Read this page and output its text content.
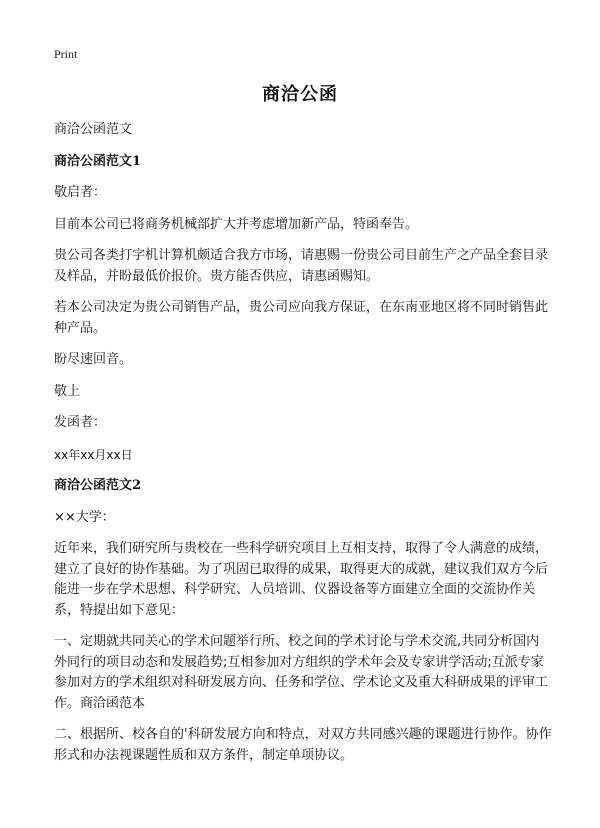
Print
商洽公函

商洽公函范文

商洽公函范文1

敬启者：

目前本公司已将商务机械部扩大并考虑增加新产品，特函奉告。

贵公司各类打字机计算机颇适合我方市场，请惠赐一份贵公司目前生产之产品全套目录及样品，并盼最低价报价。贵方能否供应，请惠函赐知。

若本公司决定为贵公司销售产品，贵公司应向我方保证，在东南亚地区将不同时销售此种产品。

盼尽速回音。

敬上

发函者：

xx年xx月xx日

商洽公函范文2

××大学：

近年来，我们研究所与贵校在一些科学研究项目上互相支持，取得了令人满意的成绩，建立了良好的协作基础。为了巩固已取得的成果，取得更大的成就，建议我们双方今后能进一步在学术思想、科学研究、人员培训、仪器设备等方面建立全面的交流协作关系，特提出如下意见：

一、定期就共同关心的学术问题举行所、校之间的学术讨论与学术交流,共同分析国内外同行的项目动态和发展趋势;互相参加对方组织的学术年会及专家讲学活动;互派专家参加对方的学术组织对科研发展方向、任务和学位、学术论文及重大科研成果的评审工作。商洽函范本

二、根据所、校各自的'科研发展方向和特点，对双方共同感兴趣的课题进行协作。协作形式和办法视课题性质和双方条件，制定单项协议。
